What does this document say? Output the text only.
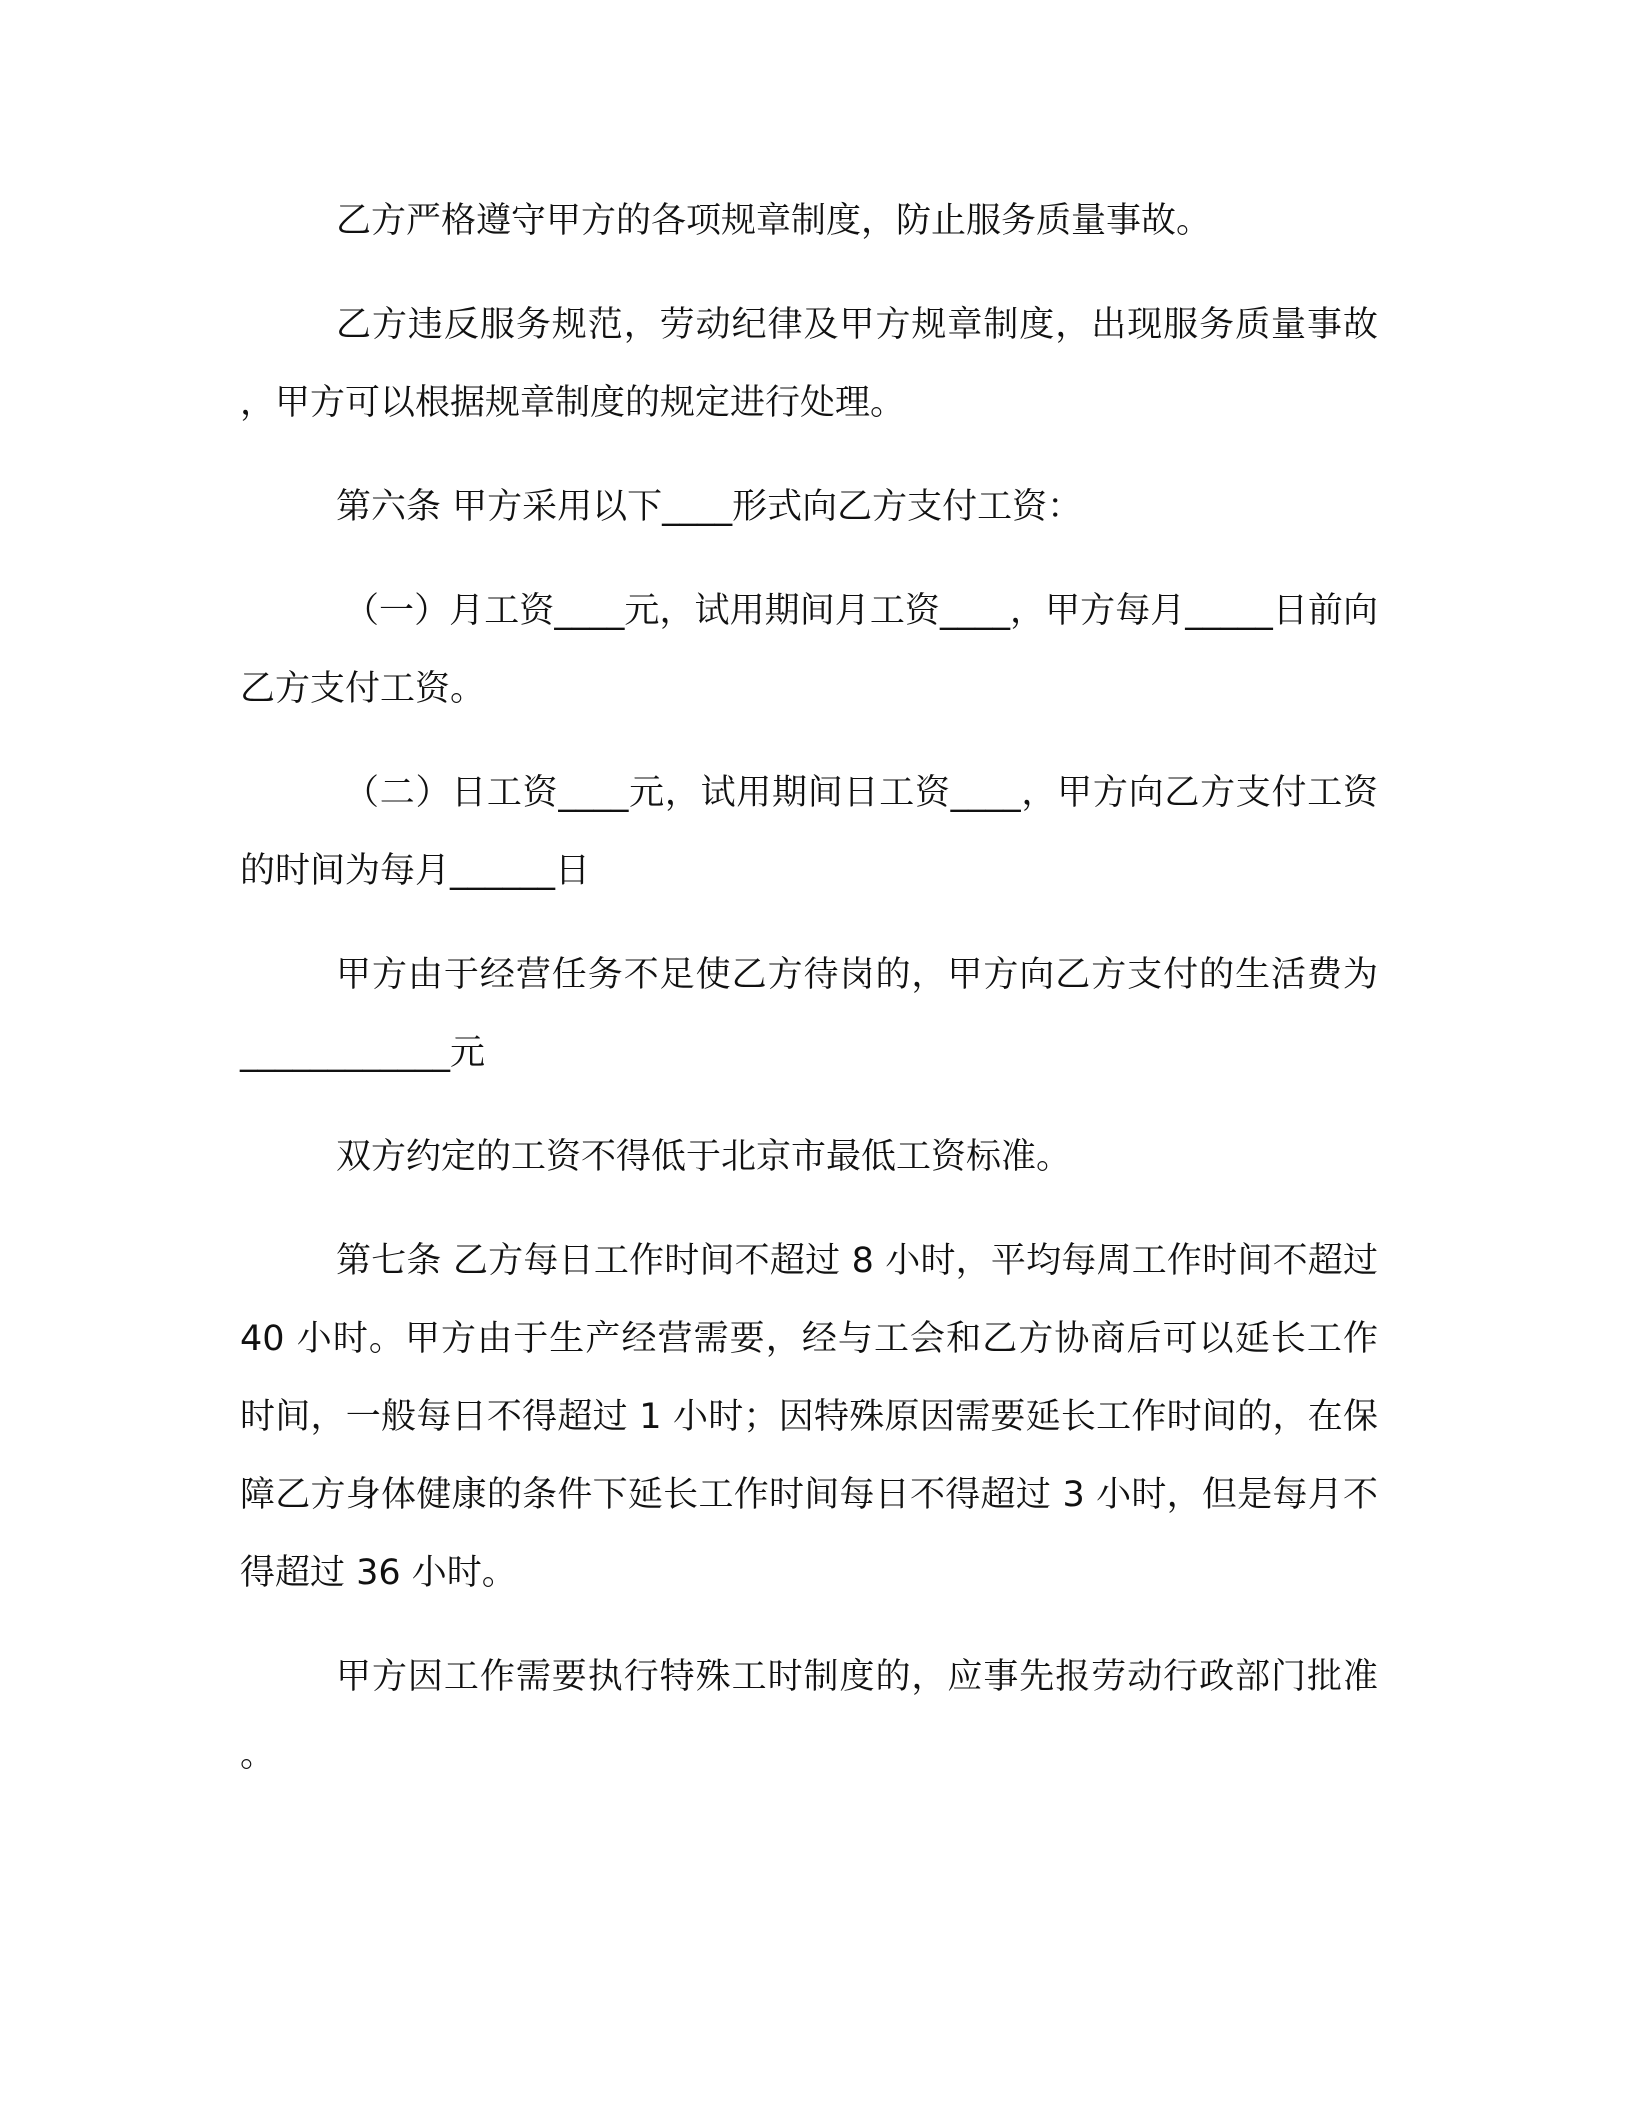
乙方严格遵守甲方的各项规章制度，防止服务质量事故。

乙方违反服务规范，劳动纪律及甲方规章制度，出现服务质量事故，甲方可以根据规章制度的规定进行处理。

第六条 甲方采用以下____形式向乙方支付工资：

（一）月工资____元，试用期间月工资____，甲方每月_____日前向乙方支付工资。

（二）日工资____元，试用期间日工资____，甲方向乙方支付工资的时间为每月______日

甲方由于经营任务不足使乙方待岗的，甲方向乙方支付的生活费为 ____________元

双方约定的工资不得低于北京市最低工资标准。

第七条 乙方每日工作时间不超过 8 小时，平均每周工作时间不超过 40 小时。甲方由于生产经营需要，经与工会和乙方协商后可以延长工作时间，一般每日不得超过 1 小时；因特殊原因需要延长工作时间的，在保障乙方身体健康的条件下延长工作时间每日不得超过 3 小时，但是每月不得超过 36 小时。

甲方因工作需要执行特殊工时制度的，应事先报劳动行政部门批准。
